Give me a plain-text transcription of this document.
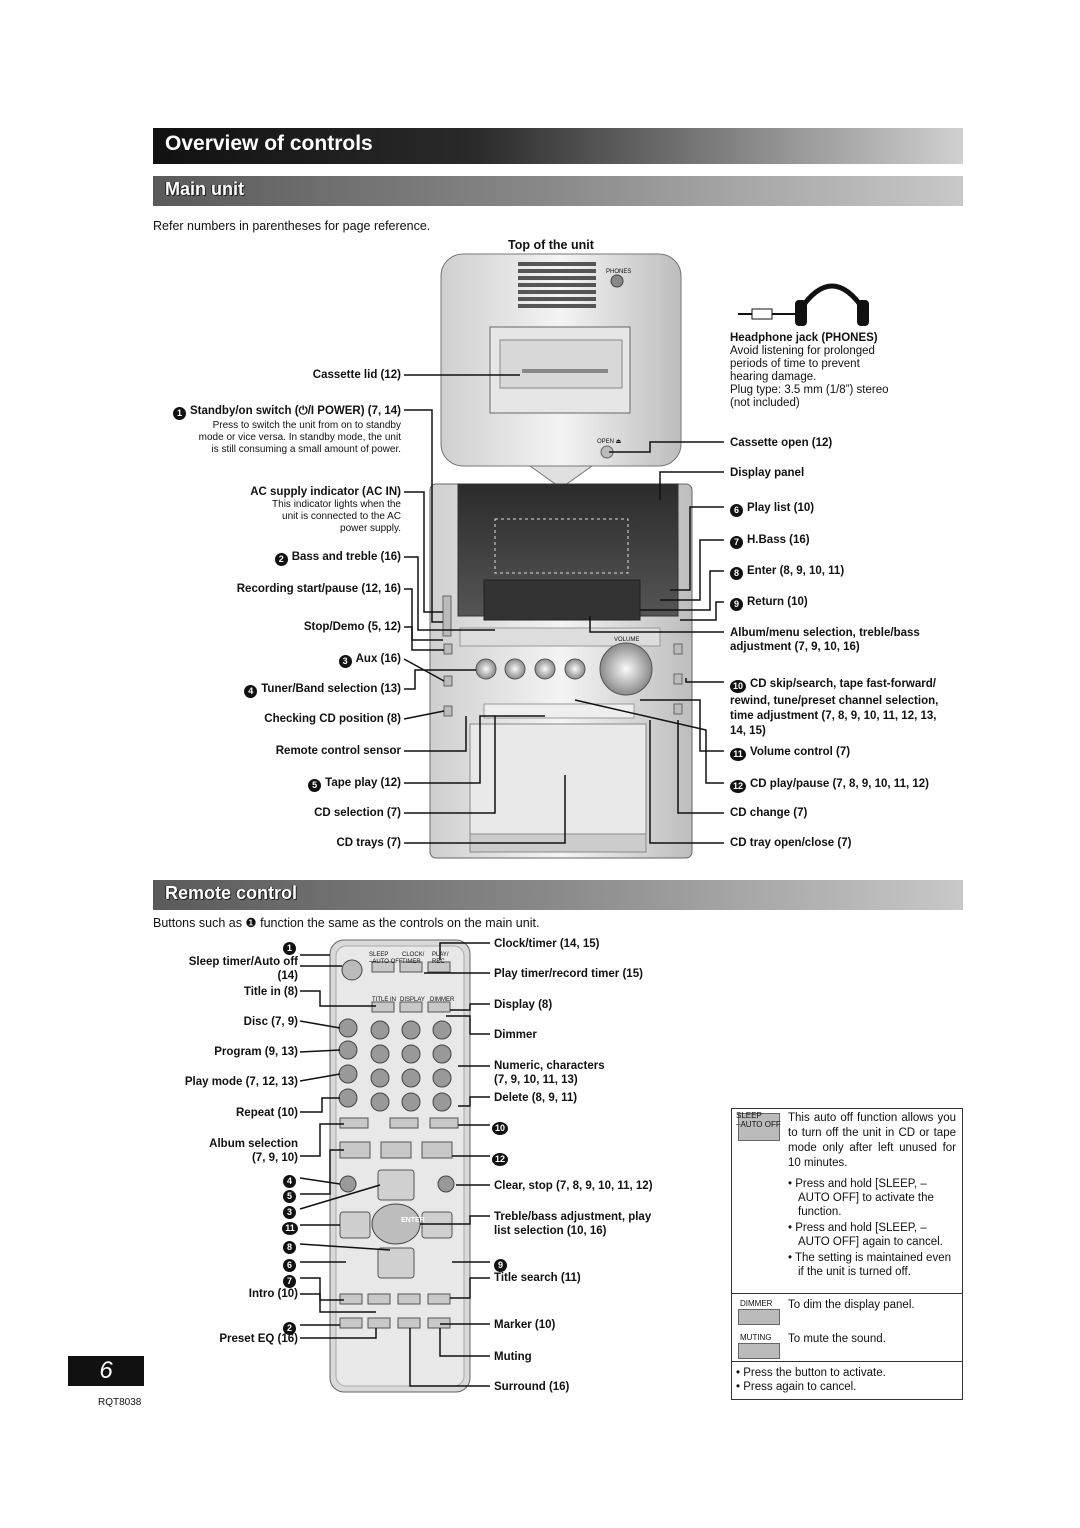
Overview of controls
Main unit
Refer numbers in parentheses for page reference.
Top of the unit
PHONES
OPEN ⏏
VOLUME
Cassette lid (12)
1 Standby/on switch (⏻/I POWER) (7, 14)
Press to switch the unit from on to standby
mode or vice versa. In standby mode, the unit
is still consuming a small amount of power.
AC supply indicator (AC IN)
This indicator lights when the
unit is connected to the AC
power supply.
2 Bass and treble (16)
Recording start/pause (12, 16)
Stop/Demo (5, 12)
3 Aux (16)
4 Tuner/Band selection (13)
Checking CD position (8)
Remote control sensor
5 Tape play (12)
CD selection (7)
CD trays (7)
Headphone jack (PHONES)
Avoid listening for prolonged
periods of time to prevent
hearing damage.
Plug type: 3.5 mm (1/8”) stereo
(not included)
Cassette open (12)
Display panel
6 Play list (10)
7 H.Bass (16)
8 Enter (8, 9, 10, 11)
9 Return (10)
Album/menu selection, treble/bass
adjustment (7, 9, 10, 16)
10 CD skip/search, tape fast-forward/
rewind, tune/preset channel selection,
time adjustment (7, 8, 9, 10, 11, 12, 13,
14, 15)
11 Volume control (7)
12 CD play/pause (7, 8, 9, 10, 11, 12)
CD change (7)
CD tray open/close (7)
Remote control
Buttons such as ❶ function the same as the controls on the main unit.
SLEEP
–AUTO OFF
CLOCK/
TIMER
PLAY/
REC
TITLE IN DISPLAY DIMMER
ENTER
1
Sleep timer/Auto off
(14)
Title in (8)
Disc (7, 9)
Program (9, 13)
Play mode (7, 12, 13)
Repeat (10)
Album selection
(7, 9, 10)
4
5
3
11
8
6
7
Intro (10)
2
Preset EQ (16)
Clock/timer (14, 15)
Play timer/record timer (15)
Display (8)
Dimmer
Numeric, characters
(7, 9, 10, 11, 13)
Delete (8, 9, 11)
10
12
Clear, stop (7, 8, 9, 10, 11, 12)
Treble/bass adjustment, play
list selection (10, 16)
9
Title search (11)
Marker (10)
Muting
Surround (16)
SLEEP
–AUTO OFF
This auto off function allows you to turn off the unit in CD or tape mode only after left unused for 10 minutes.
• Press and hold [SLEEP, –AUTO OFF] to activate the function.
• Press and hold [SLEEP, –AUTO OFF] again to cancel.
• The setting is maintained even if the unit is turned off.
DIMMER To dim the display panel.
MUTING To mute the sound.
• Press the button to activate.
• Press again to cancel.
6
RQT8038
